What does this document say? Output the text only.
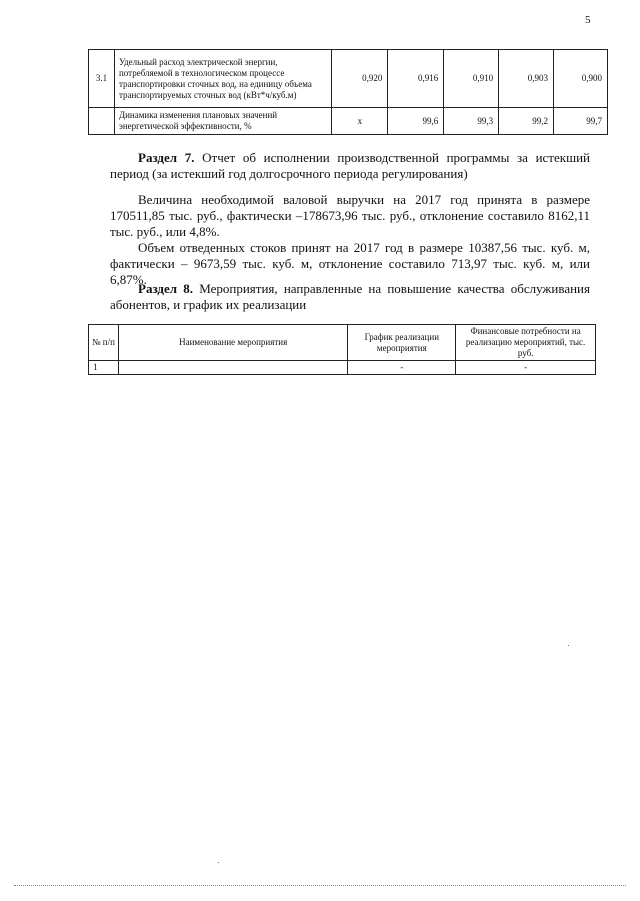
5
3.1	Удельный расход электрической энергии, потребляемой в технологическом процессе транспортировки сточных вод, на единицу объема транспортируемых сточных вод (кВт*ч/куб.м)	0,920	0,916	0,910	0,903	0,900
	Динамика изменения плановых значений энергетической эффективности, %	х	99,6	99,3	99,2	99,7
Раздел 7. Отчет об исполнении производственной программы за истекший период (за истекший год долгосрочного периода регулирования)
Величина необходимой валовой выручки на 2017 год принята в размере 170511,85 тыс. руб., фактически –178673,96 тыс. руб., отклонение составило 8162,11 тыс. руб., или 4,8%.
Объем отведенных стоков принят на 2017 год в размере 10387,56 тыс. куб. м, фактически – 9673,59 тыс. куб. м, отклонение составило 713,97 тыс. куб. м, или 6,87%.
Раздел 8. Мероприятия, направленные на повышение качества обслуживания абонентов, и график их реализации
№ п/п	Наименование мероприятия	График реализации мероприятия	Финансовые потребности на реализацию мероприятий, тыс. руб.
1		-	-
